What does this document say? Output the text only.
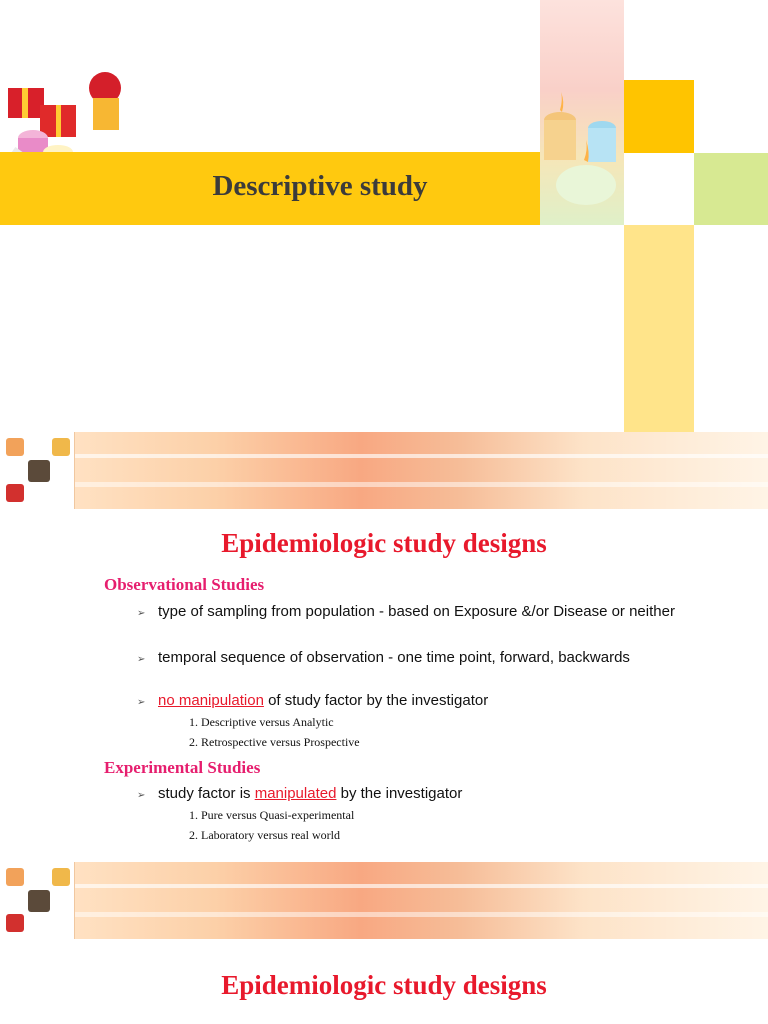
Descriptive study
Epidemiologic study designs
Observational Studies
➢ type of sampling from population - based on Exposure &/or Disease or neither
➢ temporal sequence of observation - one time point, forward, backwards
➢ no manipulation of study factor by the investigator
1. Descriptive versus Analytic
2. Retrospective versus Prospective
Experimental Studies
➢ study factor is manipulated by the investigator
1. Pure versus Quasi-experimental
2. Laboratory versus real world
Epidemiologic study designs
